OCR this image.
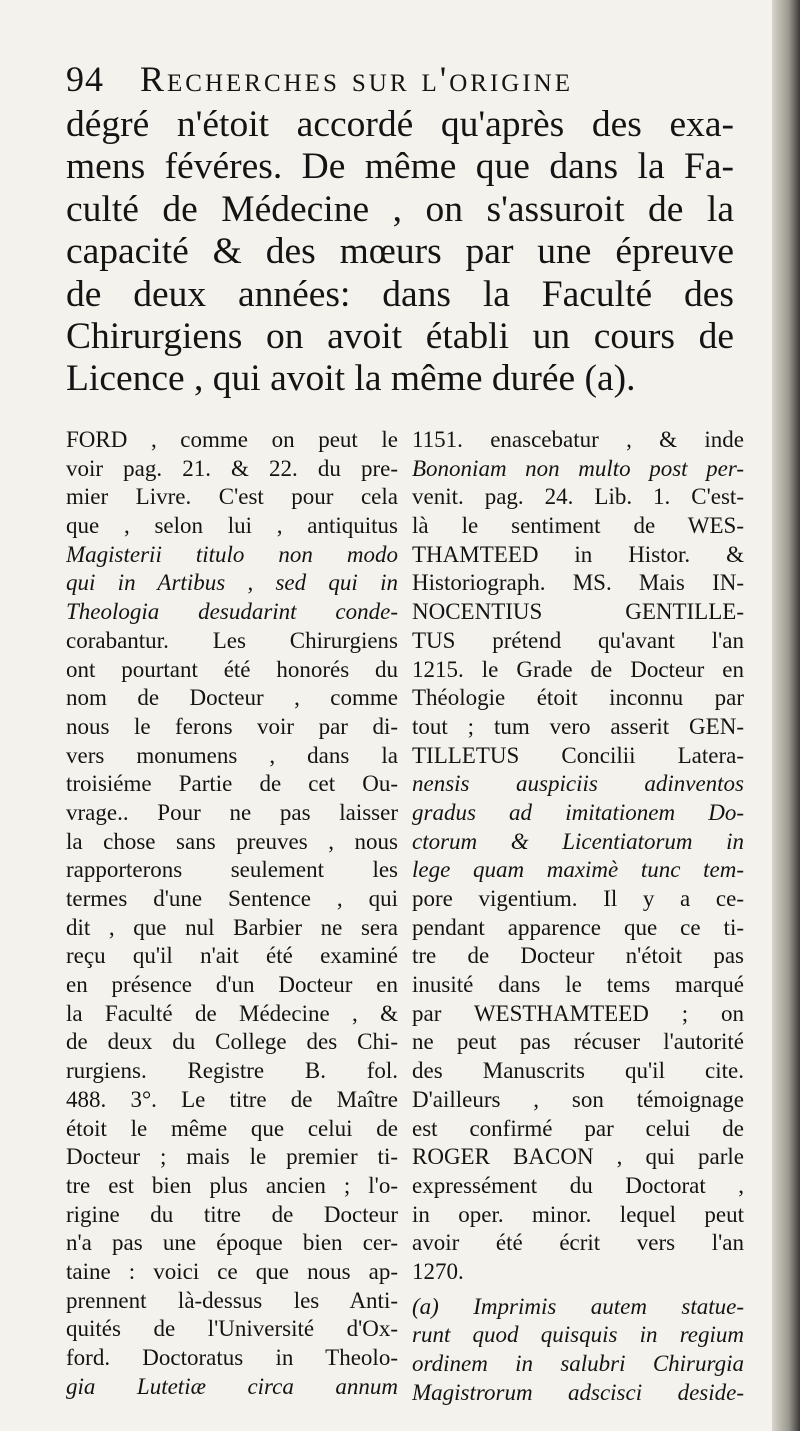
94 Recherches sur l'origine
dégré n'étoit accordé qu'après des exa-
mens févéres. De même que dans la Fa-
culté de Médecine , on s'assuroit de la
capacité & des mœurs par une épreuve
de deux années: dans la Faculté des
Chirurgiens on avoit établi un cours de
Licence , qui avoit la même durée (a).
FORD , comme on peut le
voir pag. 21. & 22. du pre-
mier Livre. C'est pour cela
que , selon lui , antiquitus
Magisterii titulo non modo
qui in Artibus , sed qui in
Theologia desudarint conde-
corabantur. Les Chirurgiens
ont pourtant été honorés du
nom de Docteur , comme
nous le ferons voir par di-
vers monumens , dans la
troisiéme Partie de cet Ou-
vrage.. Pour ne pas laisser
la chose sans preuves , nous
rapporterons seulement les
termes d'une Sentence , qui
dit , que nul Barbier ne sera
reçu qu'il n'ait été examiné
en présence d'un Docteur en
la Faculté de Médecine , &
de deux du College des Chi-
rurgiens. Registre B. fol.
488. 3°. Le titre de Maître
étoit le même que celui de
Docteur ; mais le premier ti-
tre est bien plus ancien ; l'o-
rigine du titre de Docteur
n'a pas une époque bien cer-
taine : voici ce que nous ap-
prennent là-dessus les Anti-
quités de l'Université d'Ox-
ford. Doctoratus in Theolo-
gia Lutetiæ circa annum
1151. enascebatur , & inde
Bononiam non multo post per-
venit. pag. 24. Lib. 1. C'est-
là le sentiment de WES-
THAMTEED in Histor. &
Historiograph. MS. Mais IN-
NOCENTIUS GENTILLE-
TUS prétend qu'avant l'an
1215. le Grade de Docteur en
Théologie étoit inconnu par
tout ; tum vero asserit GEN-
TILLETUS Concilii Latera-
nensis auspiciis adinventos
gradus ad imitationem Do-
ctorum & Licentiatorum in
lege quam maximè tunc tem-
pore vigentium. Il y a ce-
pendant apparence que ce ti-
tre de Docteur n'étoit pas
inusité dans le tems marqué
par WESTHAMTEED ; on
ne peut pas récuser l'autorité
des Manuscrits qu'il cite.
D'ailleurs , son témoignage
est confirmé par celui de
ROGER BACON , qui parle
expressément du Doctorat ,
in oper. minor. lequel peut
avoir été écrit vers l'an
1270.
(a) Imprimis autem statue-
runt quod quisquis in regium
ordinem in salubri Chirurgia
Magistrorum adscisci deside-
